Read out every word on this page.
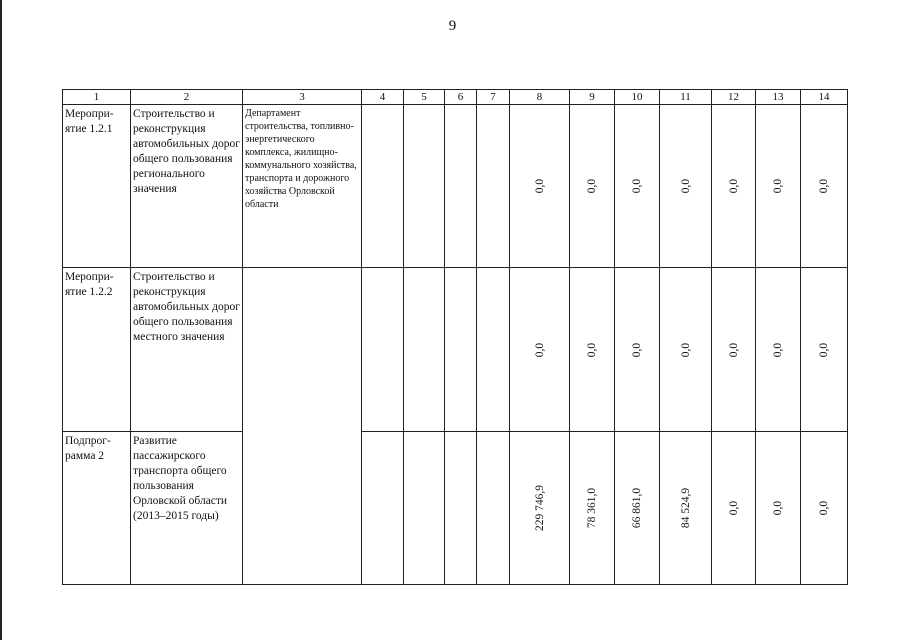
9
1	2	3	4	5	6	7	8	9	10	11	12	13	14
Меропри-ятие 1.2.1	Строительство и реконструкция автомобильных дорог общего пользования регионального значения	Департамент строительства, топливно-энергетического комплекса, жилищно-коммунального хозяйства, транспорта и дорожного хозяйства Орловской области					0,0	0,0	0,0	0,0	0,0	0,0	0,0

Меропри-ятие 1.2.2	Строительство и реконструкция автомобильных дорог общего пользования местного значения						0,0	0,0	0,0	0,0	0,0	0,0	0,0

Подпрог-рамма 2	Развитие пассажирского транспорта общего пользования Орловской области (2013–2015 годы)						229 746,9	78 361,0	66 861,0	84 524,9	0,0	0,0	0,0
